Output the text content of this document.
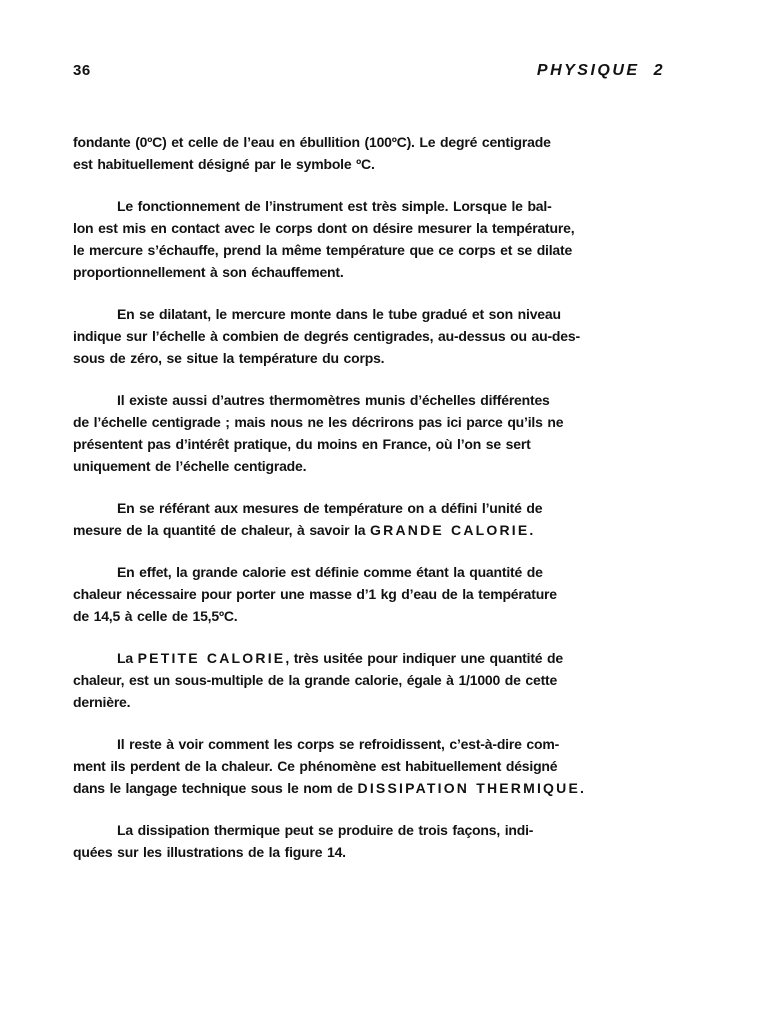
36	PHYSIQUE 2
fondante (0ºC) et celle de l’eau en ébullition (100ºC). Le degré centigrade
est habituellement désigné par le symbole ºC.
Le fonctionnement de l’instrument est très simple. Lorsque le bal-
lon est mis en contact avec le corps dont on désire mesurer la température,
le mercure s’échauffe, prend la même température que ce corps et se dilate
proportionnellement à son échauffement.
En se dilatant, le mercure monte dans le tube gradué et son niveau
indique sur l’échelle à combien de degrés centigrades, au-dessus ou au-des-
sous de zéro, se situe la température du corps.
Il existe aussi d’autres thermomètres munis d’échelles différentes
de l’échelle centigrade ; mais nous ne les décrirons pas ici parce qu’ils ne
présentent pas d’intérêt pratique, du moins en France, où l’on se sert
uniquement de l’échelle centigrade.
En se référant aux mesures de température on a défini l’unité de
mesure de la quantité de chaleur, à savoir la GRANDE CALORIE.
En effet, la grande calorie est définie comme étant la quantité de
chaleur nécessaire pour porter une masse d’1 kg d’eau de la température
de 14,5 à celle de 15,5ºC.
La PETITE CALORIE, très usitée pour indiquer une quantité de
chaleur, est un sous-multiple de la grande calorie, égale à 1/1000 de cette
dernière.
Il reste à voir comment les corps se refroidissent, c’est-à-dire com-
ment ils perdent de la chaleur. Ce phénomène est habituellement désigné
dans le langage technique sous le nom de DISSIPATION THERMIQUE.
La dissipation thermique peut se produire de trois façons, indi-
quées sur les illustrations de la figure 14.
